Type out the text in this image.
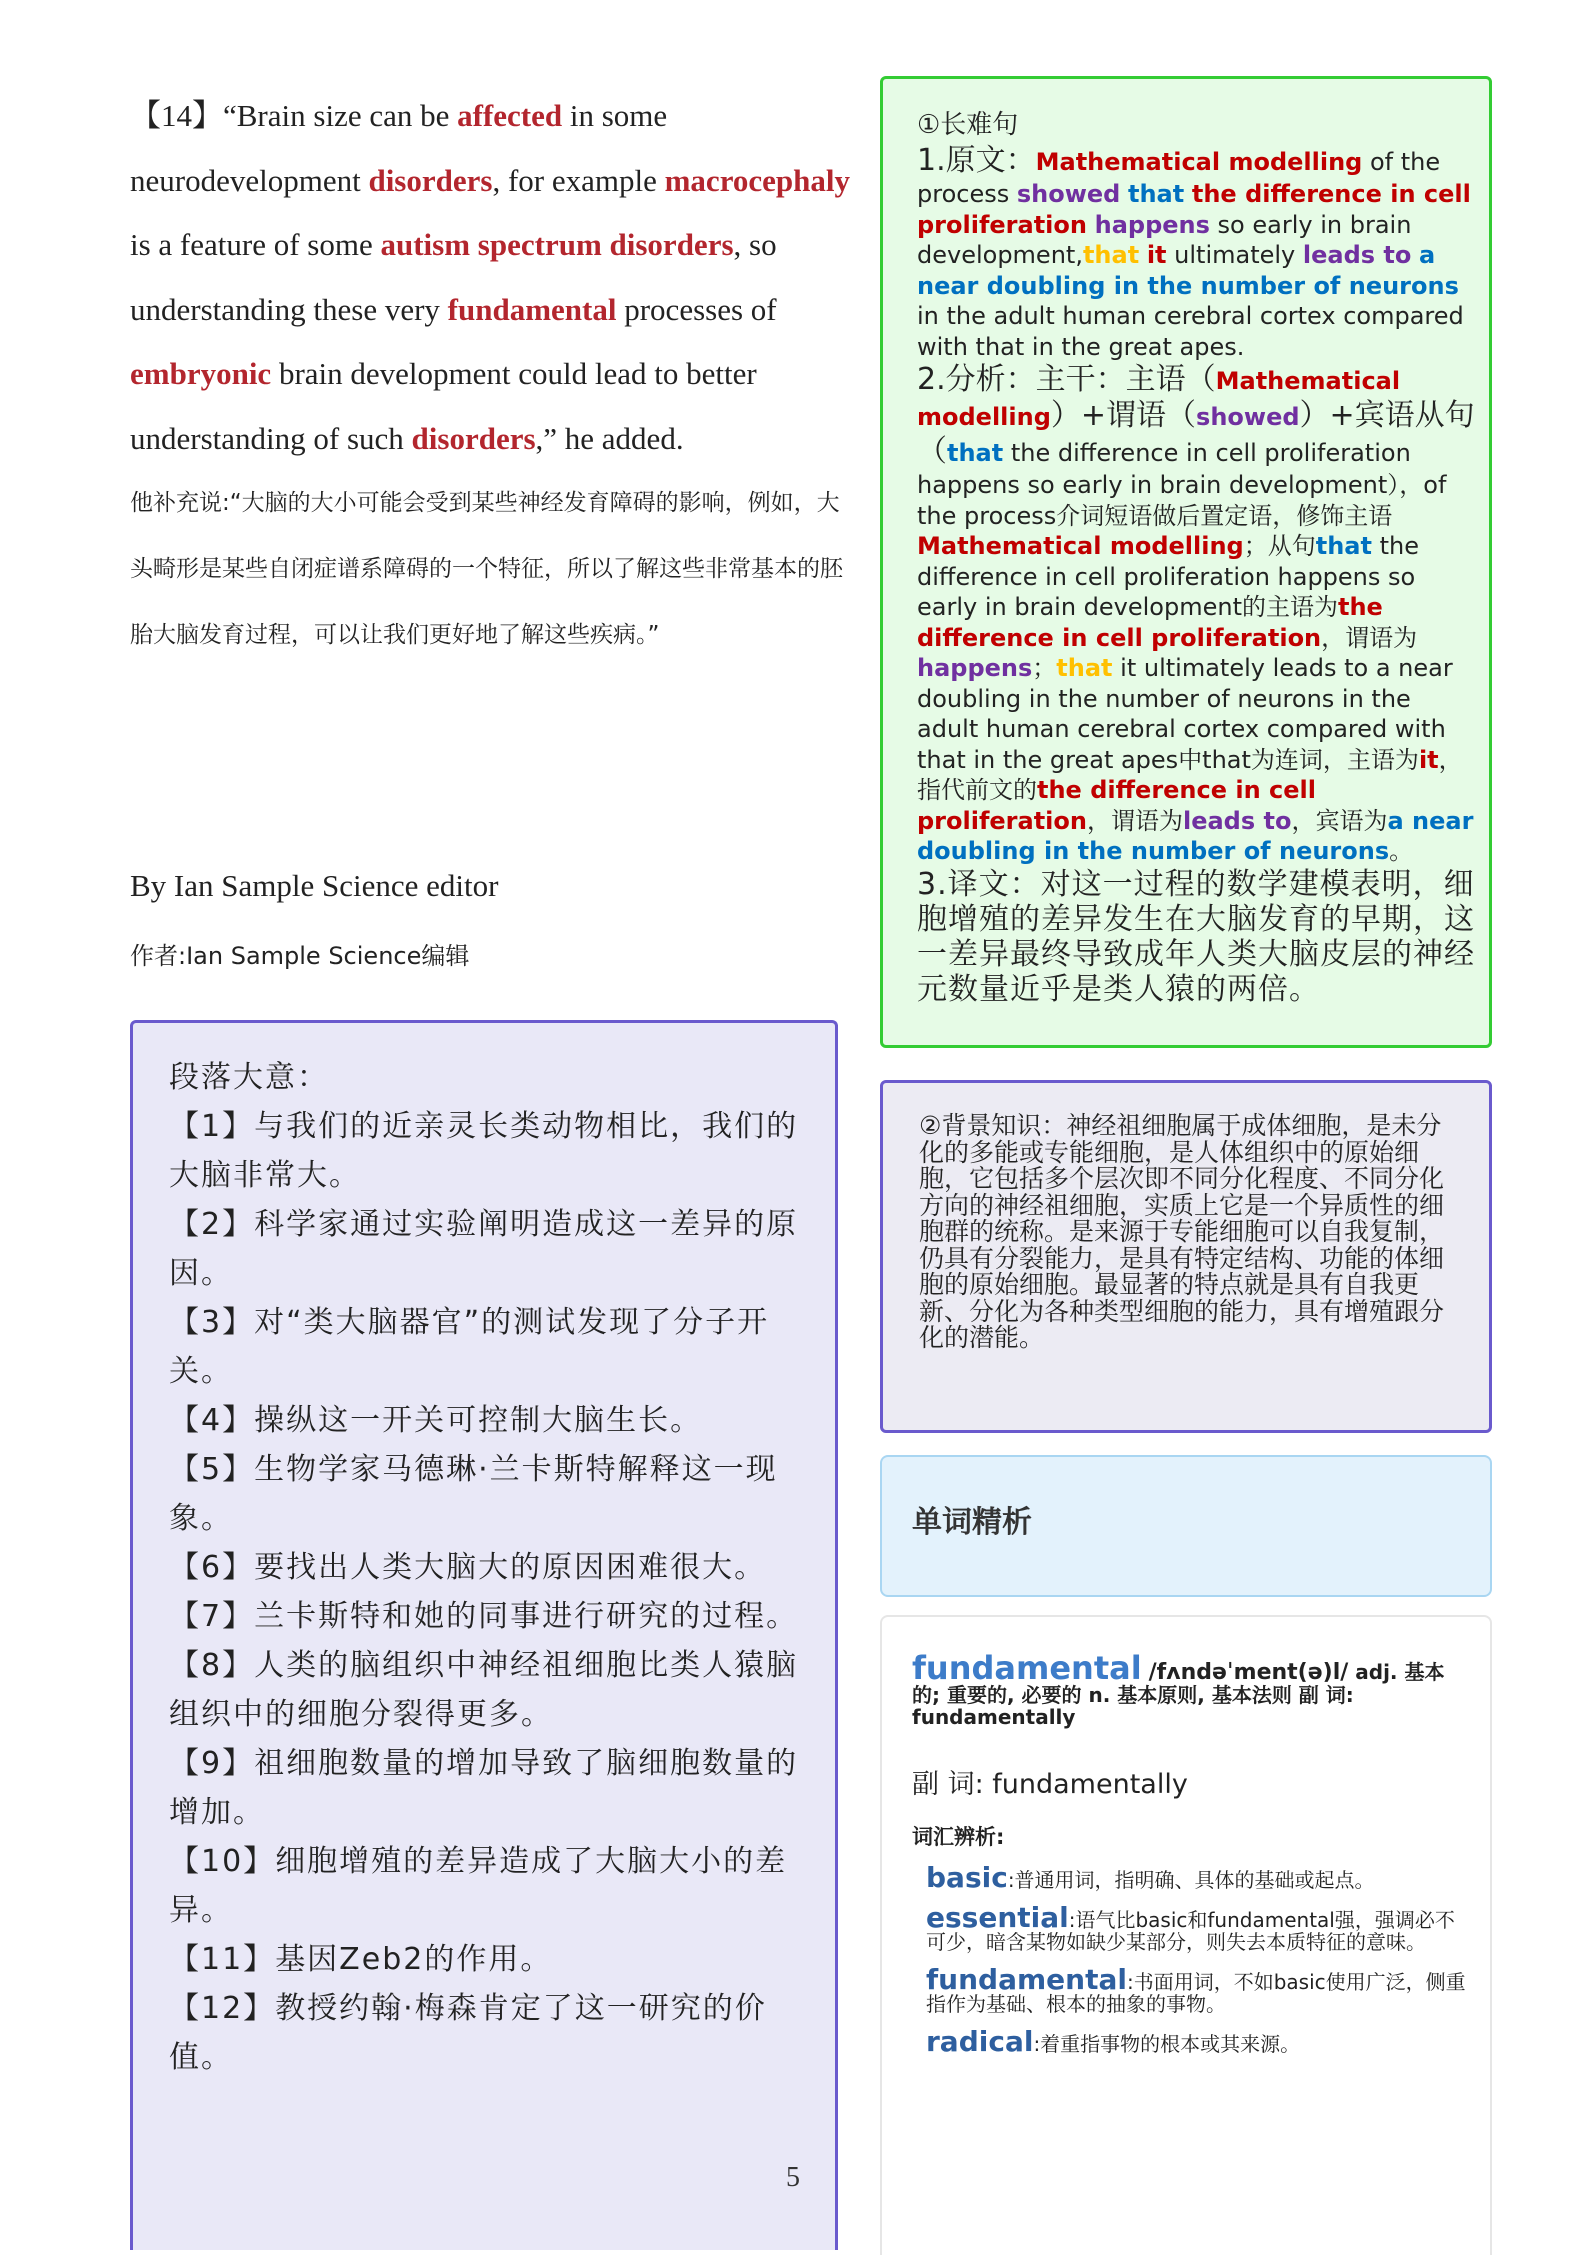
【14】“Brain size can be affected in some neurodevelopment disorders, for example macrocephaly is a feature of some autism spectrum disorders, so understanding these very fundamental processes of embryonic brain development could lead to better understanding of such disorders,” he added.
他补充说:“大脑的大小可能会受到某些神经发育障碍的影响，例如，大头畸形是某些自闭症谱系障碍的一个特征，所以了解这些非常基本的胚胎大脑发育过程，可以让我们更好地了解这些疾病。”
By Ian Sample Science editor
作者:Ian Sample Science编辑
段落大意：
【1】与我们的近亲灵长类动物相比，我们的大脑非常大。
【2】科学家通过实验阐明造成这一差异的原因。
【3】对“类大脑器官”的测试发现了分子开关。
【4】操纵这一开关可控制大脑生长。
【5】生物学家马德琳·兰卡斯特解释这一现象。
【6】要找出人类大脑大的原因困难很大。
【7】兰卡斯特和她的同事进行研究的过程。
【8】人类的脑组织中神经祖细胞比类人猿脑组织中的细胞分裂得更多。
【9】祖细胞数量的增加导致了脑细胞数量的增加。
【10】细胞增殖的差异造成了大脑大小的差异。
【11】基因Zeb2的作用。
【12】教授约翰·梅森肯定了这一研究的价值。
①长难句
1.原文：Mathematical modelling of the process showed that the difference in cell proliferation happens so early in brain development,that it ultimately leads to a near doubling in the number of neurons in the adult human cerebral cortex compared with that in the great apes.
2.分析：主干：主语（Mathematical modelling）+谓语（showed）+宾语从句（that the difference in cell proliferation happens so early in brain development），of the process介词短语做后置定语，修饰主语Mathematical modelling；从句that the difference in cell proliferation happens so early in brain development的主语为the difference in cell proliferation，谓语为happens；that it ultimately leads to a near doubling in the number of neurons in the adult human cerebral cortex compared with that in the great apes中that为连词，主语为it，指代前文的the difference in cell proliferation，谓语为leads to，宾语为a near doubling in the number of neurons。
3.译文：对这一过程的数学建模表明，细胞增殖的差异发生在大脑发育的早期，这一差异最终导致成年人类大脑皮层的神经元数量近乎是类人猿的两倍。
②背景知识：神经祖细胞属于成体细胞，是未分化的多能或专能细胞，是人体组织中的原始细胞，它包括多个层次即不同分化程度、不同分化方向的神经祖细胞，实质上它是一个异质性的细胞群的统称。是来源于专能细胞可以自我复制，仍具有分裂能力，是具有特定结构、功能的体细胞的原始细胞。最显著的特点就是具有自我更新、分化为各种类型细胞的能力，具有增殖跟分化的潜能。
单词精析
fundamental /fʌndəˈment(ə)l/ adj. 基本的; 重要的, 必要的 n. 基本原则, 基本法则 副 词: fundamentally
副 词: fundamentally
词汇辨析:
basic:普通用词，指明确、具体的基础或起点。
essential:语气比basic和fundamental强，强调必不可少，暗含某物如缺少某部分，则失去本质特征的意味。
fundamental:书面用词，不如basic使用广泛，侧重指作为基础、根本的抽象的事物。
radical:着重指事物的根本或其来源。
5
